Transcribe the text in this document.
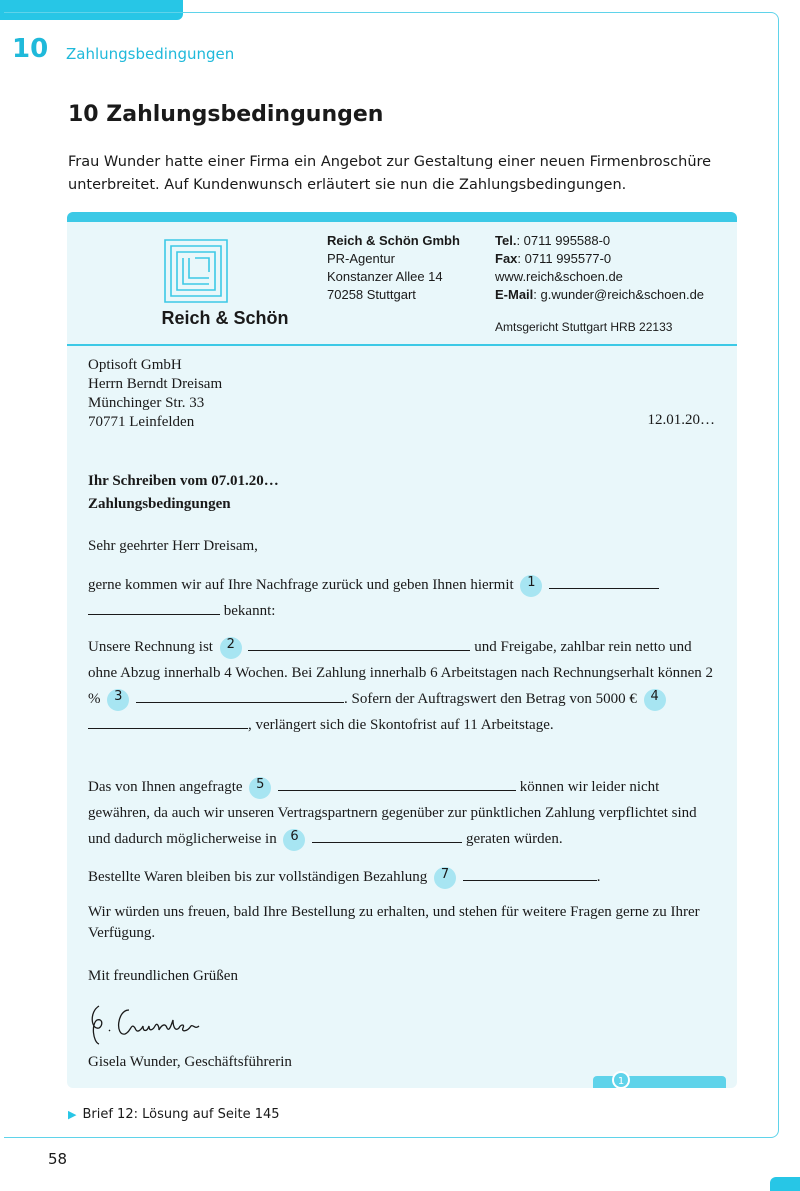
10 Zahlungsbedingungen
10 Zahlungsbedingungen
Frau Wunder hatte einer Firma ein Angebot zur Gestaltung einer neuen Firmenbroschüre unterbreitet. Auf Kundenwunsch erläutert sie nun die Zahlungsbedingungen.
Reich & Schön
Reich & Schön Gmbh
PR-Agentur
Konstanzer Allee 14
70258 Stuttgart
Tel.: 0711 995588-0
Fax: 0711 995577-0
www.reich&schoen.de
E-Mail: g.wunder@reich&schoen.de
Amtsgericht Stuttgart HRB 22133
Optisoft GmbH
Herrn Berndt Dreisam
Münchinger Str. 33
70771 Leinfelden	12.01.20…
Ihr Schreiben vom 07.01.20…
Zahlungsbedingungen
Sehr geehrter Herr Dreisam,
gerne kommen wir auf Ihre Nachfrage zurück und geben Ihnen hiermit 1
bekannt:
Unsere Rechnung ist 2	und Freigabe, zahlbar rein netto und ohne Abzug innerhalb 4 Wochen. Bei Zahlung innerhalb 6 Arbeitstagen nach Rechnungserhalt können 2 % 3	. Sofern der Auftragswert den Betrag von 5000 € 4 , verlängert sich die Skontofrist auf 11 Arbeitstage.
Das von Ihnen angefragte 5	können wir leider nicht gewähren, da auch wir unseren Vertragspartnern gegenüber zur pünktlichen Zahlung verpflichtet sind und dadurch möglicherweise in 6	geraten würden.
Bestellte Waren bleiben bis zur vollständigen Bezahlung 7	.
Wir würden uns freuen, bald Ihre Bestellung zu erhalten, und stehen für weitere Fragen gerne zu Ihrer Verfügung.
Mit freundlichen Grüßen
Gisela Wunder, Geschäftsführerin
1
▶ Brief 12: Lösung auf Seite 145
58
